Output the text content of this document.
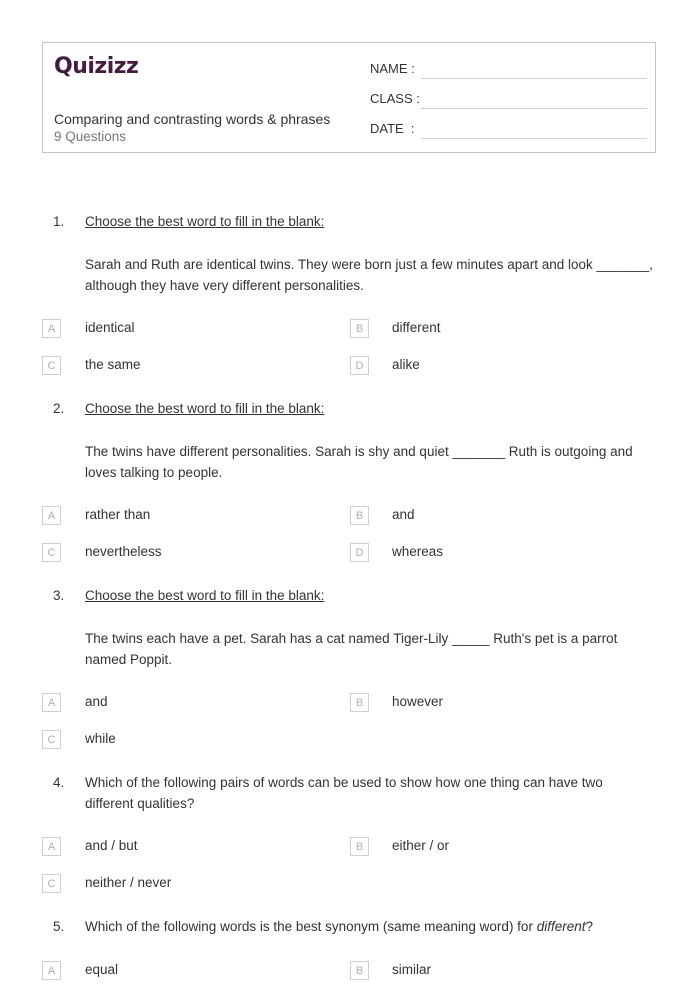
Quizizz
Comparing and contrasting words & phrases
9 Questions
NAME :
CLASS :
DATE  :
1. Choose the best word to fill in the blank:
Sarah and Ruth are identical twins. They were born just a few minutes apart and look _______, although they have very different personalities.
A	identical	B	different
C	the same	D	alike
2. Choose the best word to fill in the blank:
The twins have different personalities. Sarah is shy and quiet _______ Ruth is outgoing and loves talking to people.
A	rather than	B	and
C	nevertheless	D	whereas
3. Choose the best word to fill in the blank:
The twins each have a pet. Sarah has a cat named Tiger-Lily _____ Ruth's pet is a parrot named Poppit.
A	and	B	however
C	while
4. Which of the following pairs of words can be used to show how one thing can have two different qualities?
A	and / but	B	either / or
C	neither / never
5. Which of the following words is the best synonym (same meaning word) for different?
A	equal	B	similar
